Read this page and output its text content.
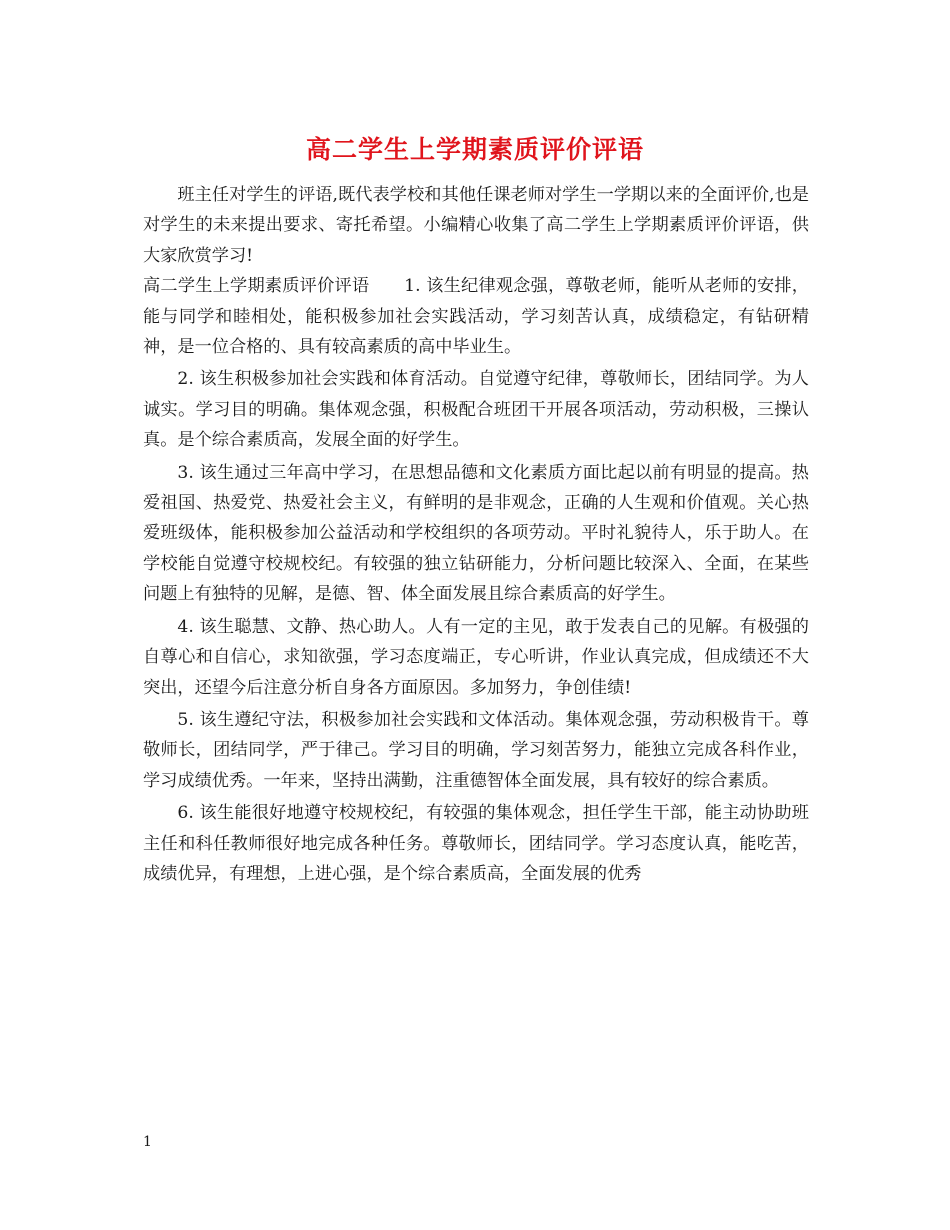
高二学生上学期素质评价评语

班主任对学生的评语,既代表学校和其他任课老师对学生一学期以来的全面评价,也是对学生的未来提出要求、寄托希望。小编精心收集了高二学生上学期素质评价评语，供大家欣赏学习!

高二学生上学期素质评价评语　　1. 该生纪律观念强，尊敬老师，能听从老师的安排，能与同学和睦相处，能积极参加社会实践活动，学习刻苦认真，成绩稳定，有钻研精神，是一位合格的、具有较高素质的高中毕业生。

2. 该生积极参加社会实践和体育活动。自觉遵守纪律，尊敬师长，团结同学。为人诚实。学习目的明确。集体观念强，积极配合班团干开展各项活动，劳动积极，三操认真。是个综合素质高，发展全面的好学生。

3. 该生通过三年高中学习，在思想品德和文化素质方面比起以前有明显的提高。热爱祖国、热爱党、热爱社会主义，有鲜明的是非观念，正确的人生观和价值观。关心热爱班级体，能积极参加公益活动和学校组织的各项劳动。平时礼貌待人，乐于助人。在学校能自觉遵守校规校纪。有较强的独立钻研能力，分析问题比较深入、全面，在某些问题上有独特的见解，是德、智、体全面发展且综合素质高的好学生。

4. 该生聪慧、文静、热心助人。人有一定的主见，敢于发表自己的见解。有极强的自尊心和自信心，求知欲强，学习态度端正，专心听讲，作业认真完成，但成绩还不大突出，还望今后注意分析自身各方面原因。多加努力，争创佳绩!

5. 该生遵纪守法，积极参加社会实践和文体活动。集体观念强，劳动积极肯干。尊敬师长，团结同学，严于律己。学习目的明确，学习刻苦努力，能独立完成各科作业，学习成绩优秀。一年来，坚持出满勤，注重德智体全面发展，具有较好的综合素质。

6. 该生能很好地遵守校规校纪，有较强的集体观念，担任学生干部，能主动协助班主任和科任教师很好地完成各种任务。尊敬师长，团结同学。学习态度认真，能吃苦，成绩优异，有理想，上进心强，是个综合素质高，全面发展的优秀

1
